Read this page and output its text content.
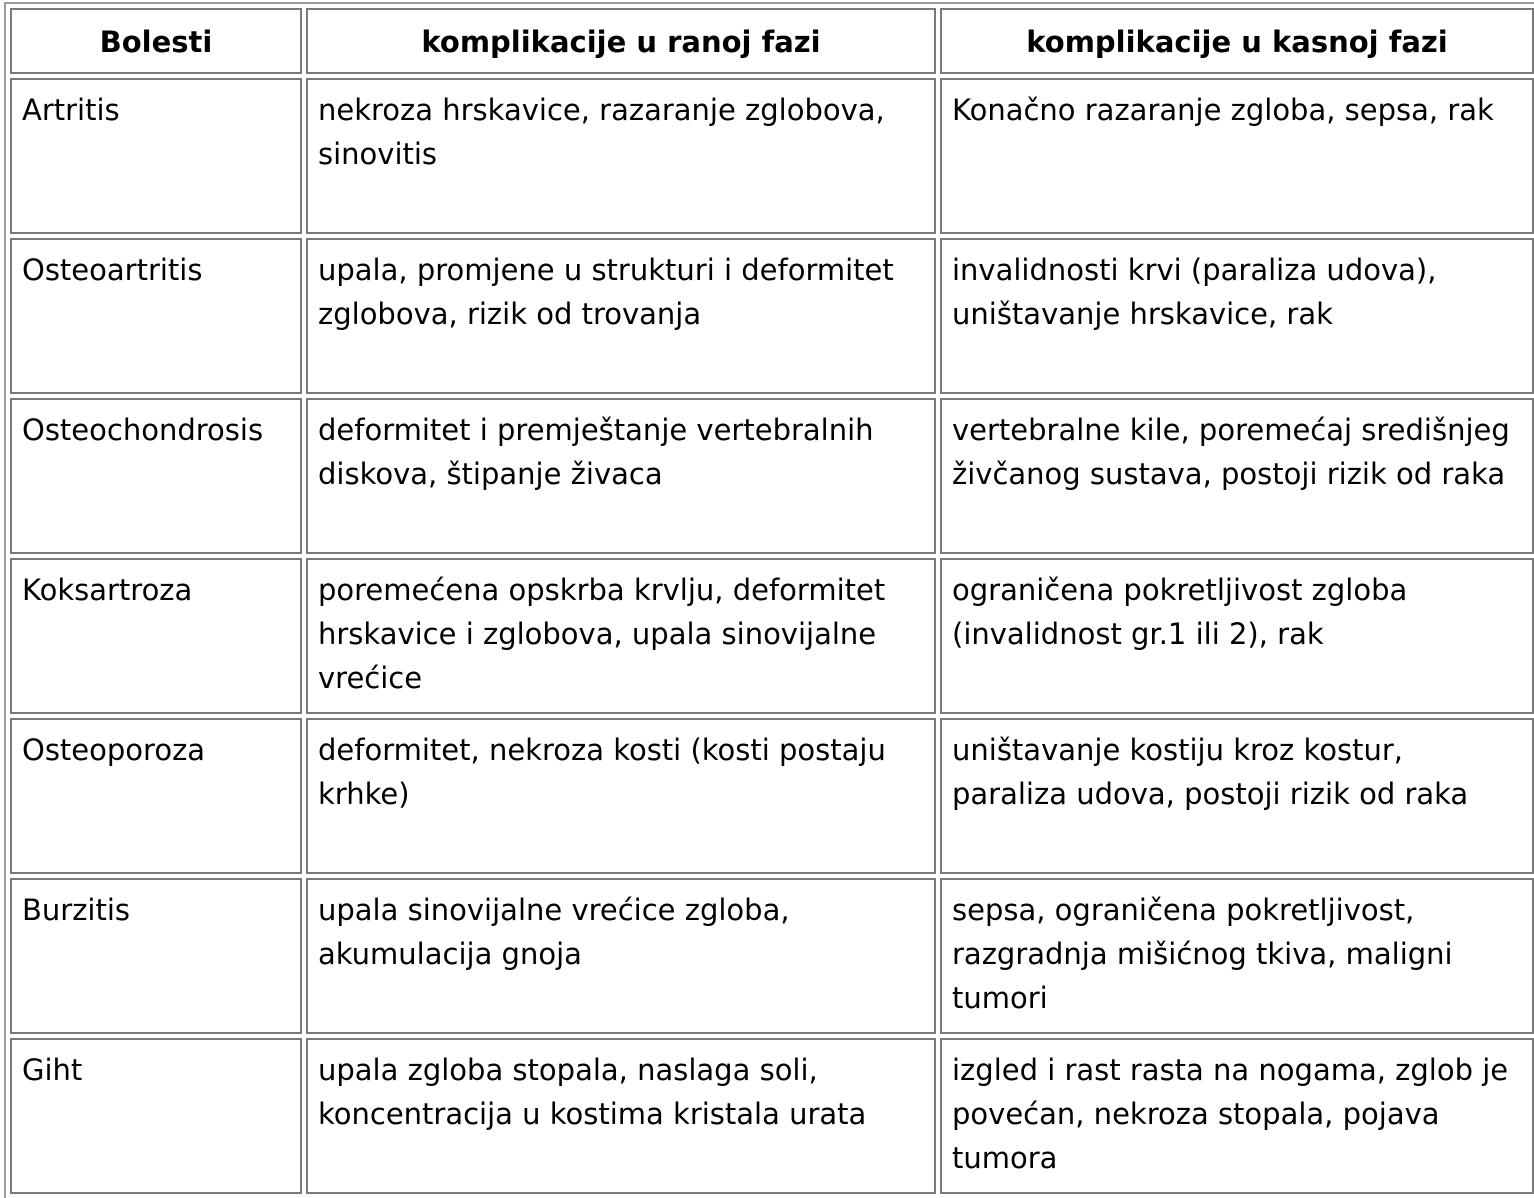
Bolesti	komplikacije u ranoj fazi	komplikacije u kasnoj fazi
Artritis	nekroza hrskavice, razaranje zglobova, sinovitis	Konačno razaranje zgloba, sepsa, rak
Osteoartritis	upala, promjene u strukturi i deformitet zglobova, rizik od trovanja	invalidnosti krvi (paraliza udova), uništavanje hrskavice, rak
Osteochondrosis	deformitet i premještanje vertebralnih diskova, štipanje živaca	vertebralne kile, poremećaj središnjeg živčanog sustava, postoji rizik od raka
Koksartroza	poremećena opskrba krvlju, deformitet hrskavice i zglobova, upala sinovijalne vrećice	ograničena pokretljivost zgloba (invalidnost gr.1 ili 2), rak
Osteoporoza	deformitet, nekroza kosti (kosti postaju krhke)	uništavanje kostiju kroz kostur, paraliza udova, postoji rizik od raka
Burzitis	upala sinovijalne vrećice zgloba, akumulacija gnoja	sepsa, ograničena pokretljivost, razgradnja mišićnog tkiva, maligni tumori
Giht	upala zgloba stopala, naslaga soli, koncentracija u kostima kristala urata	izgled i rast rasta na nogama, zglob je povećan, nekroza stopala, pojava tumora
